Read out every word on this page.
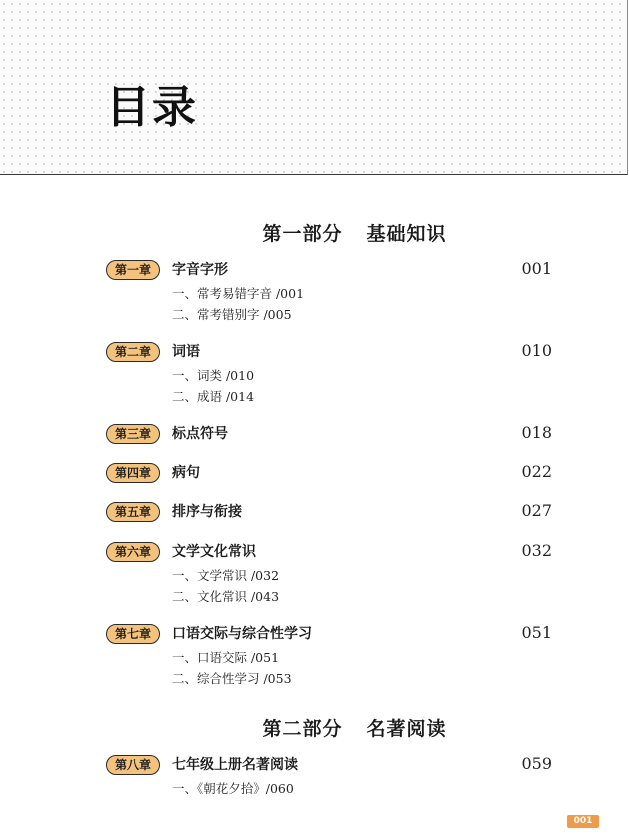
目录
第一部分 基础知识
第一章	字音字形	001
一、常考易错字音 /001
二、常考错别字 /005
第二章	词语	010
一、词类 /010
二、成语 /014
第三章	标点符号	018
第四章	病句	022
第五章	排序与衔接	027
第六章	文学文化常识	032
一、文学常识 /032
二、文化常识 /043
第七章	口语交际与综合性学习	051
一、口语交际 /051
二、综合性学习 /053
第二部分 名著阅读
第八章	七年级上册名著阅读	059
一、《朝花夕拾》/060
001
